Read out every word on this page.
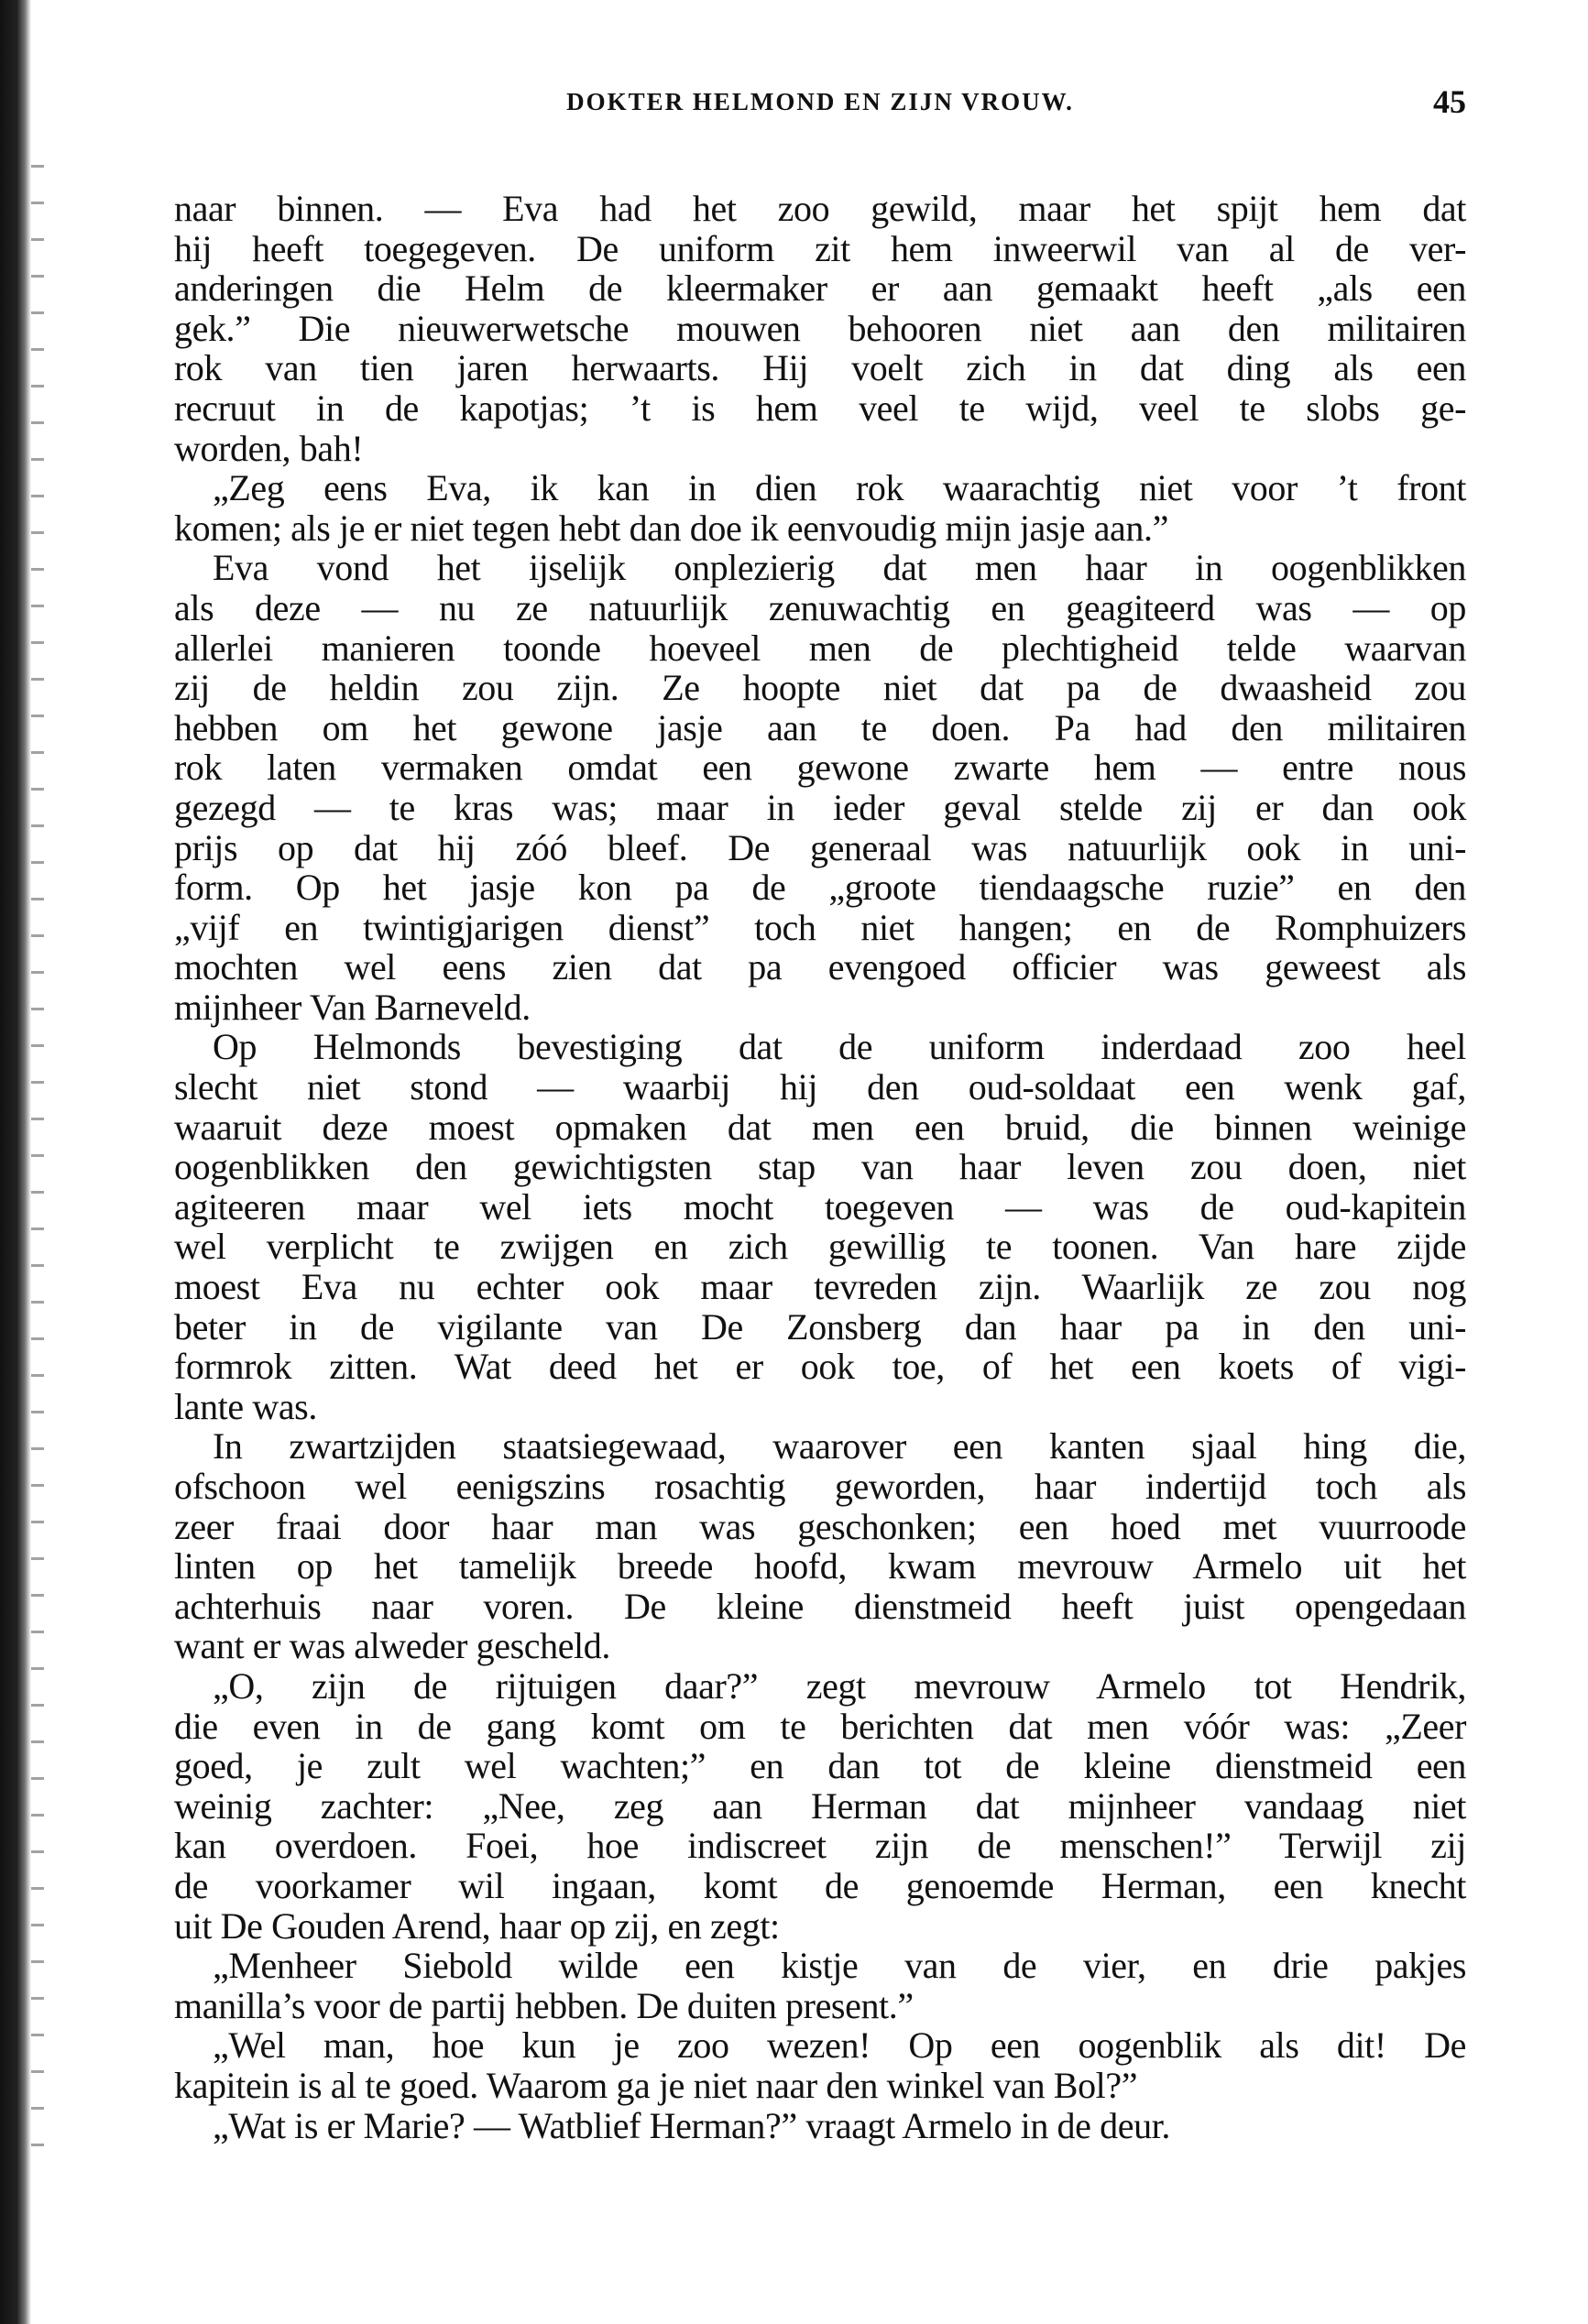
DOKTER HELMOND EN ZIJN VROUW.	45
naar binnen. — Eva had het zoo gewild, maar het spijt hem dat
hij heeft toegegeven. De uniform zit hem inweerwil van al de ver-
anderingen die Helm de kleermaker er aan gemaakt heeft „als een
gek.” Die nieuwerwetsche mouwen behooren niet aan den militairen
rok van tien jaren herwaarts. Hij voelt zich in dat ding als een
recruut in de kapotjas; ’t is hem veel te wijd, veel te slobs ge-
worden, bah!
„Zeg eens Eva, ik kan in dien rok waarachtig niet voor ’t front
komen; als je er niet tegen hebt dan doe ik eenvoudig mijn jasje aan.”
Eva vond het ijselijk onplezierig dat men haar in oogenblikken
als deze — nu ze natuurlijk zenuwachtig en geagiteerd was — op
allerlei manieren toonde hoeveel men de plechtigheid telde waarvan
zij de heldin zou zijn. Ze hoopte niet dat pa de dwaasheid zou
hebben om het gewone jasje aan te doen. Pa had den militairen
rok laten vermaken omdat een gewone zwarte hem — entre nous
gezegd — te kras was; maar in ieder geval stelde zij er dan ook
prijs op dat hij zóó bleef. De generaal was natuurlijk ook in uni-
form. Op het jasje kon pa de „groote tiendaagsche ruzie” en den
„vijf en twintigjarigen dienst” toch niet hangen; en de Romphuizers
mochten wel eens zien dat pa evengoed officier was geweest als
mijnheer Van Barneveld.
Op Helmonds bevestiging dat de uniform inderdaad zoo heel
slecht niet stond — waarbij hij den oud-soldaat een wenk gaf,
waaruit deze moest opmaken dat men een bruid, die binnen weinige
oogenblikken den gewichtigsten stap van haar leven zou doen, niet
agiteeren maar wel iets mocht toegeven — was de oud-kapitein
wel verplicht te zwijgen en zich gewillig te toonen. Van hare zijde
moest Eva nu echter ook maar tevreden zijn. Waarlijk ze zou nog
beter in de vigilante van De Zonsberg dan haar pa in den uni-
formrok zitten. Wat deed het er ook toe, of het een koets of vigi-
lante was.
In zwartzijden staatsiegewaad, waarover een kanten sjaal hing die,
ofschoon wel eenigszins rosachtig geworden, haar indertijd toch als
zeer fraai door haar man was geschonken; een hoed met vuurroode
linten op het tamelijk breede hoofd, kwam mevrouw Armelo uit het
achterhuis naar voren. De kleine dienstmeid heeft juist opengedaan
want er was alweder gescheld.
„O, zijn de rijtuigen daar?” zegt mevrouw Armelo tot Hendrik,
die even in de gang komt om te berichten dat men vóór was: „Zeer
goed, je zult wel wachten;” en dan tot de kleine dienstmeid een
weinig zachter: „Nee, zeg aan Herman dat mijnheer vandaag niet
kan overdoen. Foei, hoe indiscreet zijn de menschen!” Terwijl zij
de voorkamer wil ingaan, komt de genoemde Herman, een knecht
uit De Gouden Arend, haar op zij, en zegt:
„Menheer Siebold wilde een kistje van de vier, en drie pakjes
manilla’s voor de partij hebben. De duiten present.”
„Wel man, hoe kun je zoo wezen! Op een oogenblik als dit! De
kapitein is al te goed. Waarom ga je niet naar den winkel van Bol?”
„Wat is er Marie? — Watblief Herman?” vraagt Armelo in de deur.
